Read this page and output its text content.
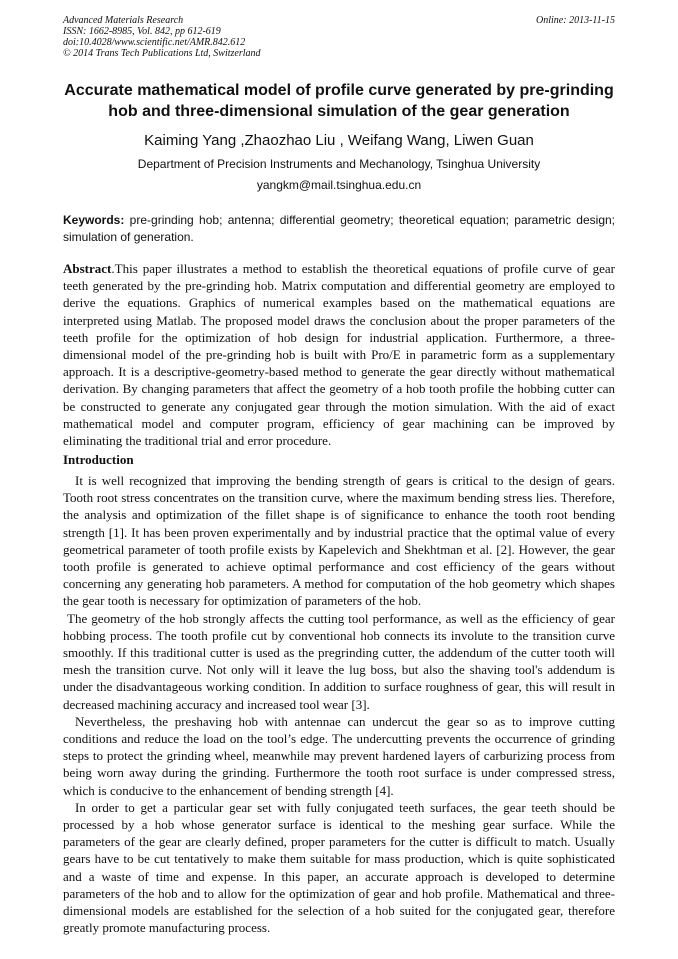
Advanced Materials Research
ISSN: 1662-8985, Vol. 842, pp 612-619
doi:10.4028/www.scientific.net/AMR.842.612
© 2014 Trans Tech Publications Ltd, Switzerland
Online: 2013-11-15
Accurate mathematical model of profile curve generated by pre-grinding hob and three-dimensional simulation of the gear generation
Kaiming Yang ,Zhaozhao Liu , Weifang Wang, Liwen Guan
Department of Precision Instruments and Mechanology, Tsinghua University
yangkm@mail.tsinghua.edu.cn
Keywords: pre-grinding hob; antenna; differential geometry; theoretical equation; parametric design; simulation of generation.
Abstract.This paper illustrates a method to establish the theoretical equations of profile curve of gear teeth generated by the pre-grinding hob. Matrix computation and differential geometry are employed to derive the equations. Graphics of numerical examples based on the mathematical equations are interpreted using Matlab. The proposed model draws the conclusion about the proper parameters of the teeth profile for the optimization of hob design for industrial application. Furthermore, a three-dimensional model of the pre-grinding hob is built with Pro/E in parametric form as a supplementary approach. It is a descriptive-geometry-based method to generate the gear directly without mathematical derivation. By changing parameters that affect the geometry of a hob tooth profile the hobbing cutter can be constructed to generate any conjugated gear through the motion simulation. With the aid of exact mathematical model and computer program, efficiency of gear machining can be improved by eliminating the traditional trial and error procedure.
Introduction

It is well recognized that improving the bending strength of gears is critical to the design of gears. Tooth root stress concentrates on the transition curve, where the maximum bending stress lies. Therefore, the analysis and optimization of the fillet shape is of significance to enhance the tooth root bending strength [1]. It has been proven experimentally and by industrial practice that the optimal value of every geometrical parameter of tooth profile exists by Kapelevich and Shekhtman et al. [2]. However, the gear tooth profile is generated to achieve optimal performance and cost efficiency of the gears without concerning any generating hob parameters. A method for computation of the hob geometry which shapes the gear tooth is necessary for optimization of parameters of the hob.

The geometry of the hob strongly affects the cutting tool performance, as well as the efficiency of gear hobbing process. The tooth profile cut by conventional hob connects its involute to the transition curve smoothly. If this traditional cutter is used as the pregrinding cutter, the addendum of the cutter tooth will mesh the transition curve. Not only will it leave the lug boss, but also the shaving tool's addendum is under the disadvantageous working condition. In addition to surface roughness of gear, this will result in decreased machining accuracy and increased tool wear [3].

Nevertheless, the preshaving hob with antennae can undercut the gear so as to improve cutting conditions and reduce the load on the tool’s edge. The undercutting prevents the occurrence of grinding steps to protect the grinding wheel, meanwhile may prevent hardened layers of carburizing process from being worn away during the grinding. Furthermore the tooth root surface is under compressed stress, which is conducive to the enhancement of bending strength [4].

In order to get a particular gear set with fully conjugated teeth surfaces, the gear teeth should be processed by a hob whose generator surface is identical to the meshing gear surface. While the parameters of the gear are clearly defined, proper parameters for the cutter is difficult to match. Usually gears have to be cut tentatively to make them suitable for mass production, which is quite sophisticated and a waste of time and expense. In this paper, an accurate approach is developed to determine parameters of the hob and to allow for the optimization of gear and hob profile. Mathematical and three-dimensional models are established for the selection of a hob suited for the conjugated gear, therefore greatly promote manufacturing process.
